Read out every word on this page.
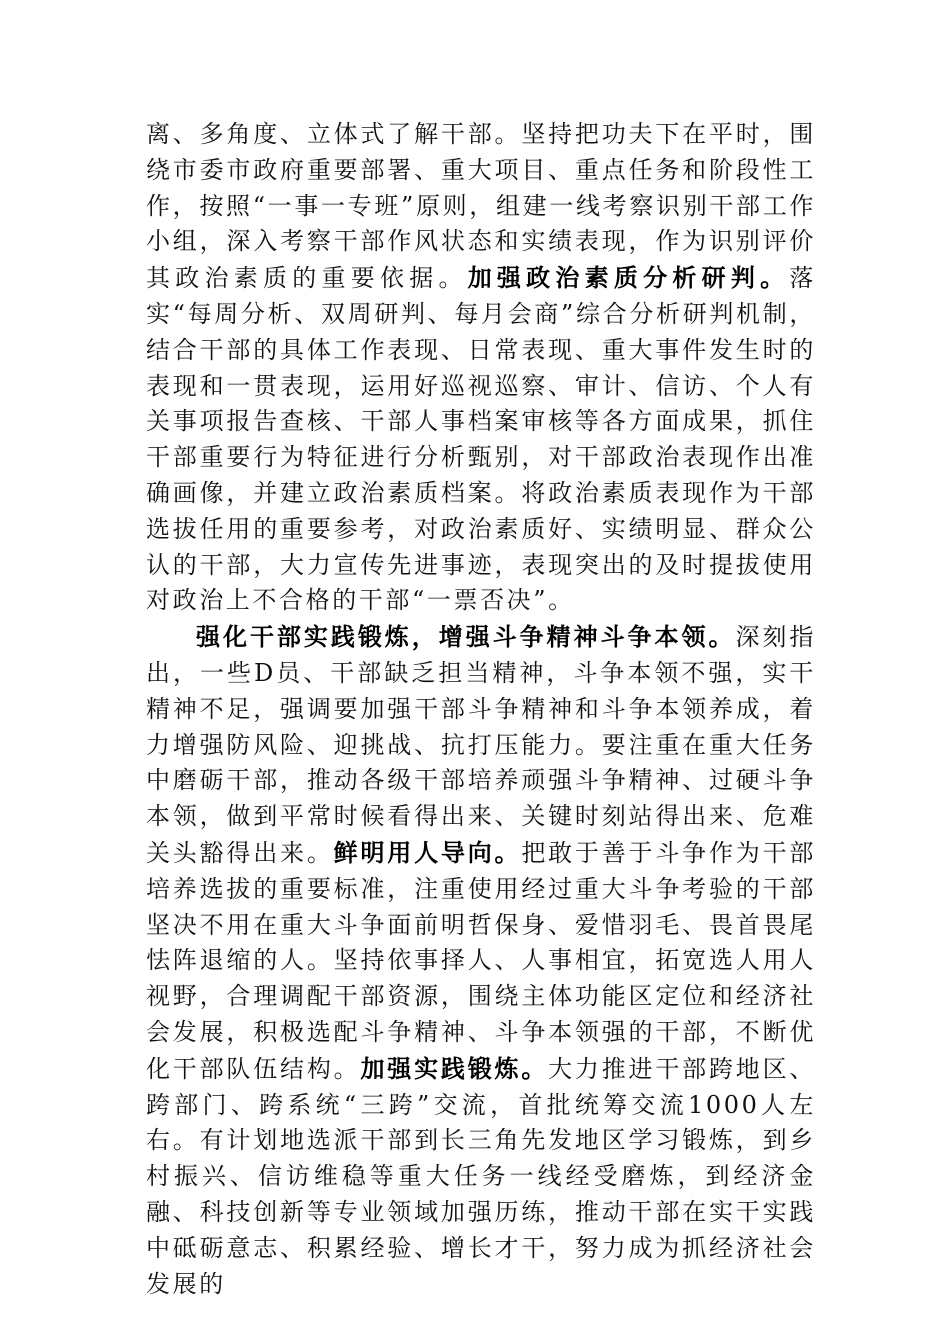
离、多角度、立体式了解干部。坚持把功夫下在平时，围绕市委市政府重要部署、重大项目、重点任务和阶段性工作，按照“一事一专班”原则，组建一线考察识别干部工作小组，深入考察干部作风状态和实绩表现，作为识别评价其政治素质的重要依据。加强政治素质分析研判。落实“每周分析、双周研判、每月会商”综合分析研判机制，结合干部的具体工作表现、日常表现、重大事件发生时的表现和一贯表现，运用好巡视巡察、审计、信访、个人有关事项报告查核、干部人事档案审核等各方面成果，抓住干部重要行为特征进行分析甄别，对干部政治表现作出准确画像，并建立政治素质档案。将政治素质表现作为干部选拔任用的重要参考，对政治素质好、实绩明显、群众公认的干部，大力宣传先进事迹，表现突出的及时提拔使用对政治上不合格的干部“一票否决”。

强化干部实践锻炼，增强斗争精神斗争本领。深刻指出，一些D员、干部缺乏担当精神，斗争本领不强，实干精神不足，强调要加强干部斗争精神和斗争本领养成，着力增强防风险、迎挑战、抗打压能力。要注重在重大任务中磨砺干部，推动各级干部培养顽强斗争精神、过硬斗争本领，做到平常时候看得出来、关键时刻站得出来、危难关头豁得出来。鲜明用人导向。把敢于善于斗争作为干部培养选拔的重要标准，注重使用经过重大斗争考验的干部坚决不用在重大斗争面前明哲保身、爱惜羽毛、畏首畏尾怯阵退缩的人。坚持依事择人、人事相宜，拓宽选人用人视野，合理调配干部资源，围绕主体功能区定位和经济社会发展，积极选配斗争精神、斗争本领强的干部，不断优化干部队伍结构。加强实践锻炼。大力推进干部跨地区、跨部门、跨系统“三跨”交流，首批统筹交流1000人左右。有计划地选派干部到长三角先发地区学习锻炼，到乡村振兴、信访维稳等重大任务一线经受磨炼，到经济金融、科技创新等专业领域加强历练，推动干部在实干实践中砥砺意志、积累经验、增长才干，努力成为抓经济社会发展的
